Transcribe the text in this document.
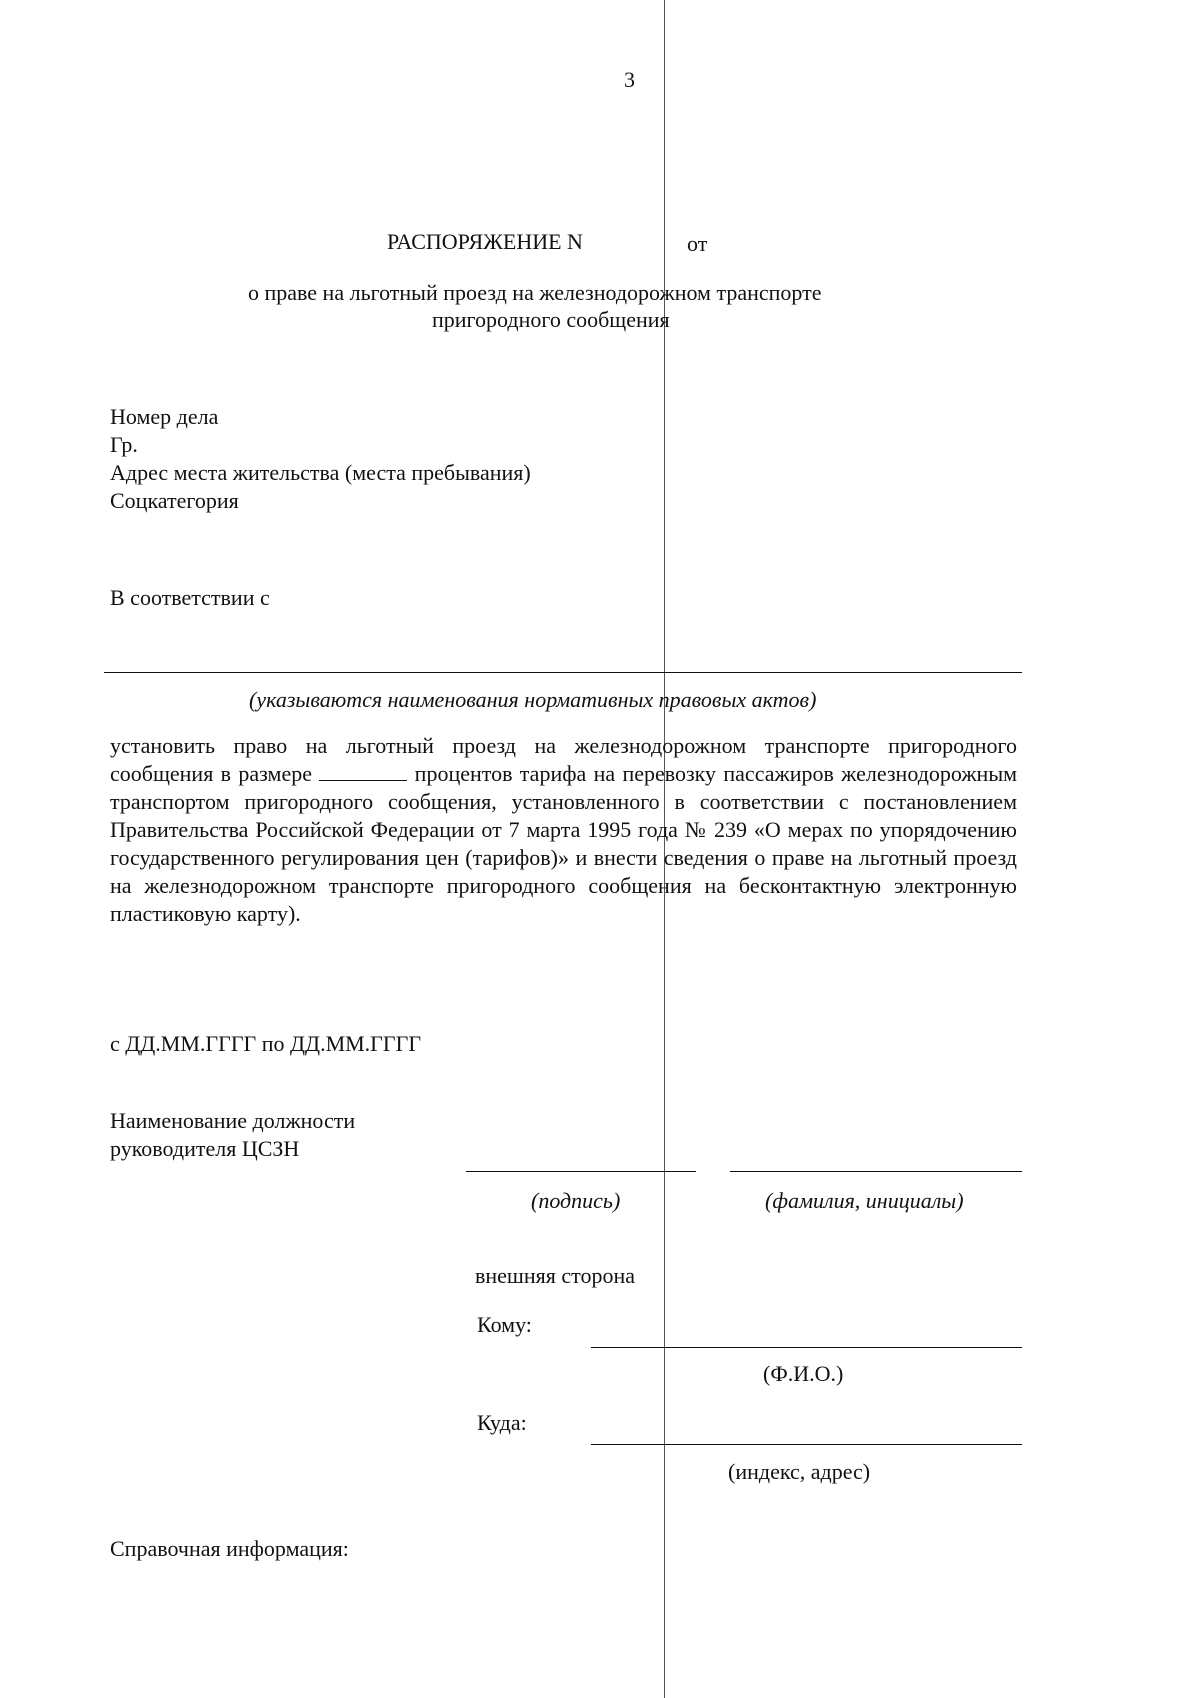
3
РАСПОРЯЖЕНИЕ N	от
о праве на льготный проезд на железнодорожном транспорте
пригородного сообщения
Номер дела
Гр.
Адрес места жительства (места пребывания)
Соцкатегория
В соответствии с
(указываются наименования нормативных правовых актов)
установить право на льготный проезд на железнодорожном транспорте пригородного сообщения в размере	процентов тарифа на перевозку пассажиров железнодорожным транспортом пригородного сообщения, установленного в соответствии с постановлением Правительства Российской Федерации от 7 марта 1995 года № 239 «О мерах по упорядочению государственного регулирования цен (тарифов)» и внести сведения о праве на льготный проезд на железнодорожном транспорте пригородного сообщения на бесконтактную электронную пластиковую карту).
с ДД.ММ.ГГГГ по ДД.ММ.ГГГГ
Наименование должности
руководителя ЦСЗН
(подпись)	(фамилия, инициалы)
внешняя сторона
Кому:
(Ф.И.О.)
Куда:
(индекс, адрес)
Справочная информация:
